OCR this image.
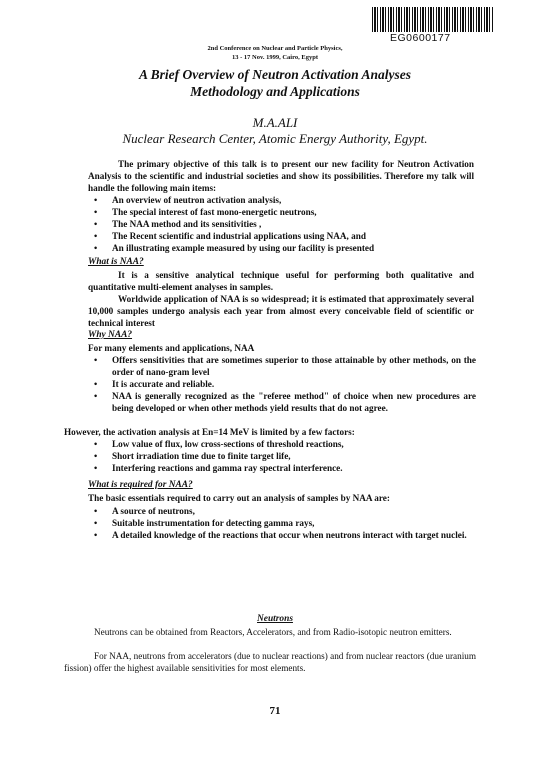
EG0600177
2nd Conference on Nuclear and Particle Physics,
13 - 17 Nov. 1999, Cairo, Egypt
A Brief Overview of Neutron Activation Analyses
Methodology and Applications
M.A.ALI
Nuclear Research Center, Atomic Energy Authority, Egypt.
The primary objective of this talk is to present our new facility for Neutron Activation Analysis to the scientific and industrial societies and show its possibilities. Therefore my talk will handle the following main items:
• An overview of neutron activation analysis,
• The special interest of fast mono-energetic neutrons,
• The NAA method and its sensitivities ,
• The Recent scientific and industrial applications using NAA, and
• An illustrating example measured by using our facility is presented
What is NAA?
It is a sensitive analytical technique useful for performing both qualitative and quantitative multi-element analyses in samples.
Worldwide application of NAA is so widespread; it is estimated that approximately several 10,000 samples undergo analysis each year from almost every conceivable field of scientific or technical interest
Why NAA?
For many elements and applications, NAA
• Offers sensitivities that are sometimes superior to those attainable by other methods, on the order of nano-gram level
• It is accurate and reliable.
• NAA is generally recognized as the "referee method" of choice when new procedures are being developed or when other methods yield results that do not agree.
However, the activation analysis at En=14 MeV is limited by a few factors:
• Low value of flux, low cross-sections of threshold reactions,
• Short irradiation time due to finite target life,
• Interfering reactions and gamma ray spectral interference.
What is required for NAA?
The basic essentials required to carry out an analysis of samples by NAA are:
• A source of neutrons,
• Suitable instrumentation for detecting gamma rays,
• A detailed knowledge of the reactions that occur when neutrons interact with target nuclei.
Neutrons
Neutrons can be obtained from Reactors, Accelerators, and from Radio-isotopic neutron emitters.
For NAA, neutrons from accelerators (due to nuclear reactions) and from nuclear reactors (due uranium fission) offer the highest available sensitivities for most elements.
71
